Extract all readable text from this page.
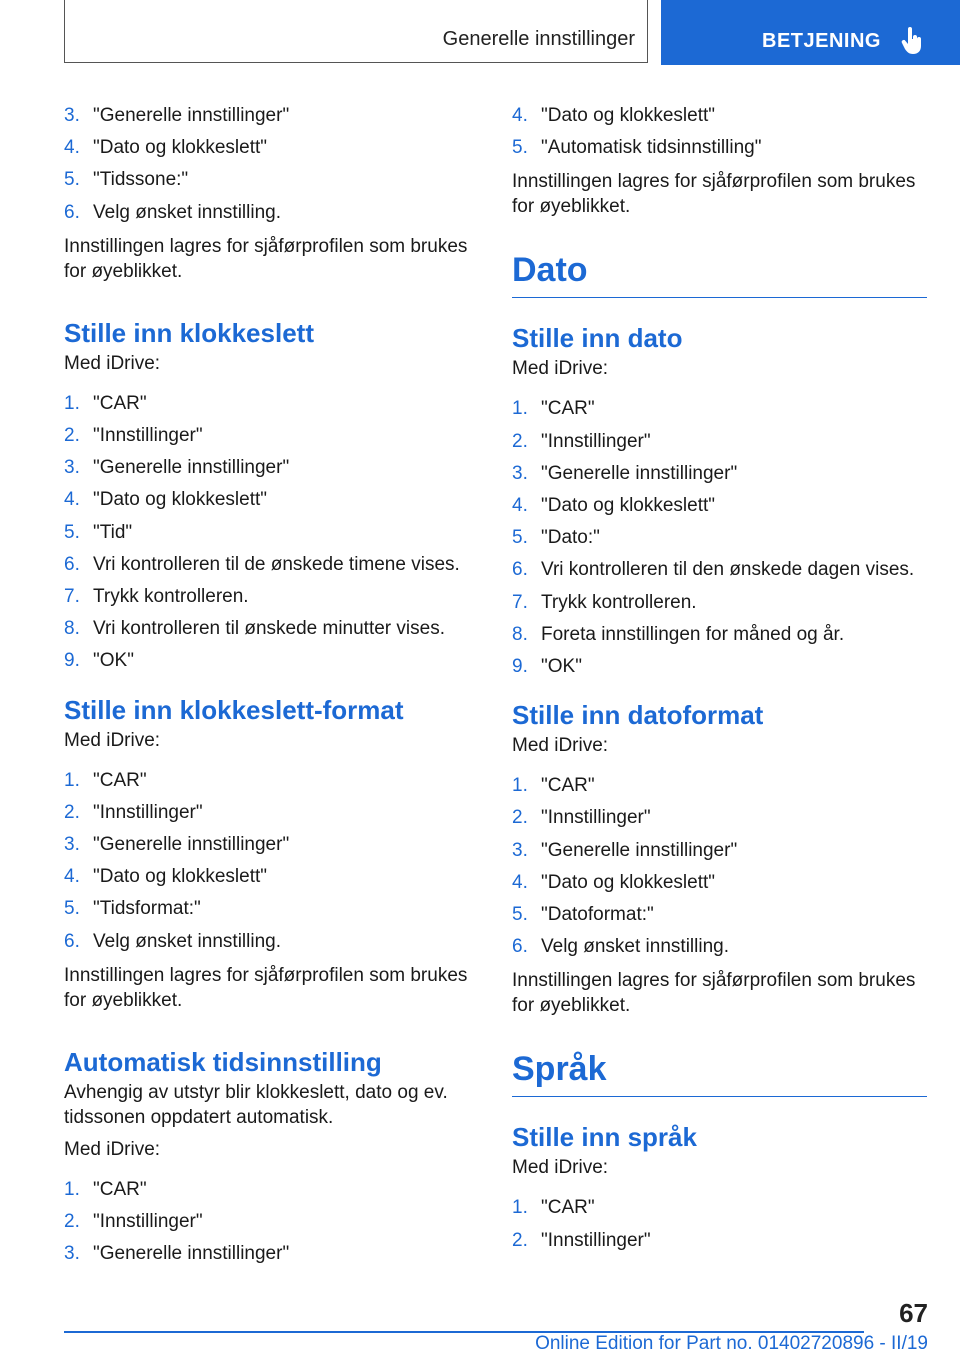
Generelle innstillinger	BETJENING
3. "Generelle innstillinger"
4. "Dato og klokkeslett"
5. "Tidssone:"
6. Velg ønsket innstilling.

Innstillingen lagres for sjåførprofilen som brukes for øyeblikket.

Stille inn klokkeslett

Med iDrive:

1. "CAR"
2. "Innstillinger"
3. "Generelle innstillinger"
4. "Dato og klokkeslett"
5. "Tid"
6. Vri kontrolleren til de ønskede timene vises.
7. Trykk kontrolleren.
8. Vri kontrolleren til ønskede minutter vises.
9. "OK"
Stille inn klokkeslett-format

Med iDrive:

1. "CAR"
2. "Innstillinger"
3. "Generelle innstillinger"
4. "Dato og klokkeslett"
5. "Tidsformat:"
6. Velg ønsket innstilling.

Innstillingen lagres for sjåførprofilen som brukes for øyeblikket.

Automatisk tidsinnstilling

Avhengig av utstyr blir klokkeslett, dato og ev. tidssonen oppdatert automatisk.

Med iDrive:

1. "CAR"
2. "Innstillinger"
3. "Generelle innstillinger"
4. "Dato og klokkeslett"
5. "Automatisk tidsinnstilling"

Innstillingen lagres for sjåførprofilen som brukes for øyeblikket.

Dato
Stille inn dato

Med iDrive:

1. "CAR"
2. "Innstillinger"
3. "Generelle innstillinger"
4. "Dato og klokkeslett"
5. "Dato:"
6. Vri kontrolleren til den ønskede dagen vises.
7. Trykk kontrolleren.
8. Foreta innstillingen for måned og år.
9. "OK"
Stille inn datoformat

Med iDrive:

1. "CAR"
2. "Innstillinger"
3. "Generelle innstillinger"
4. "Dato og klokkeslett"
5. "Datoformat:"
6. Velg ønsket innstilling.

Innstillingen lagres for sjåførprofilen som brukes for øyeblikket.

Språk
Stille inn språk

Med iDrive:

1. "CAR"
2. "Innstillinger"
67
Online Edition for Part no. 01402720896 - II/19
